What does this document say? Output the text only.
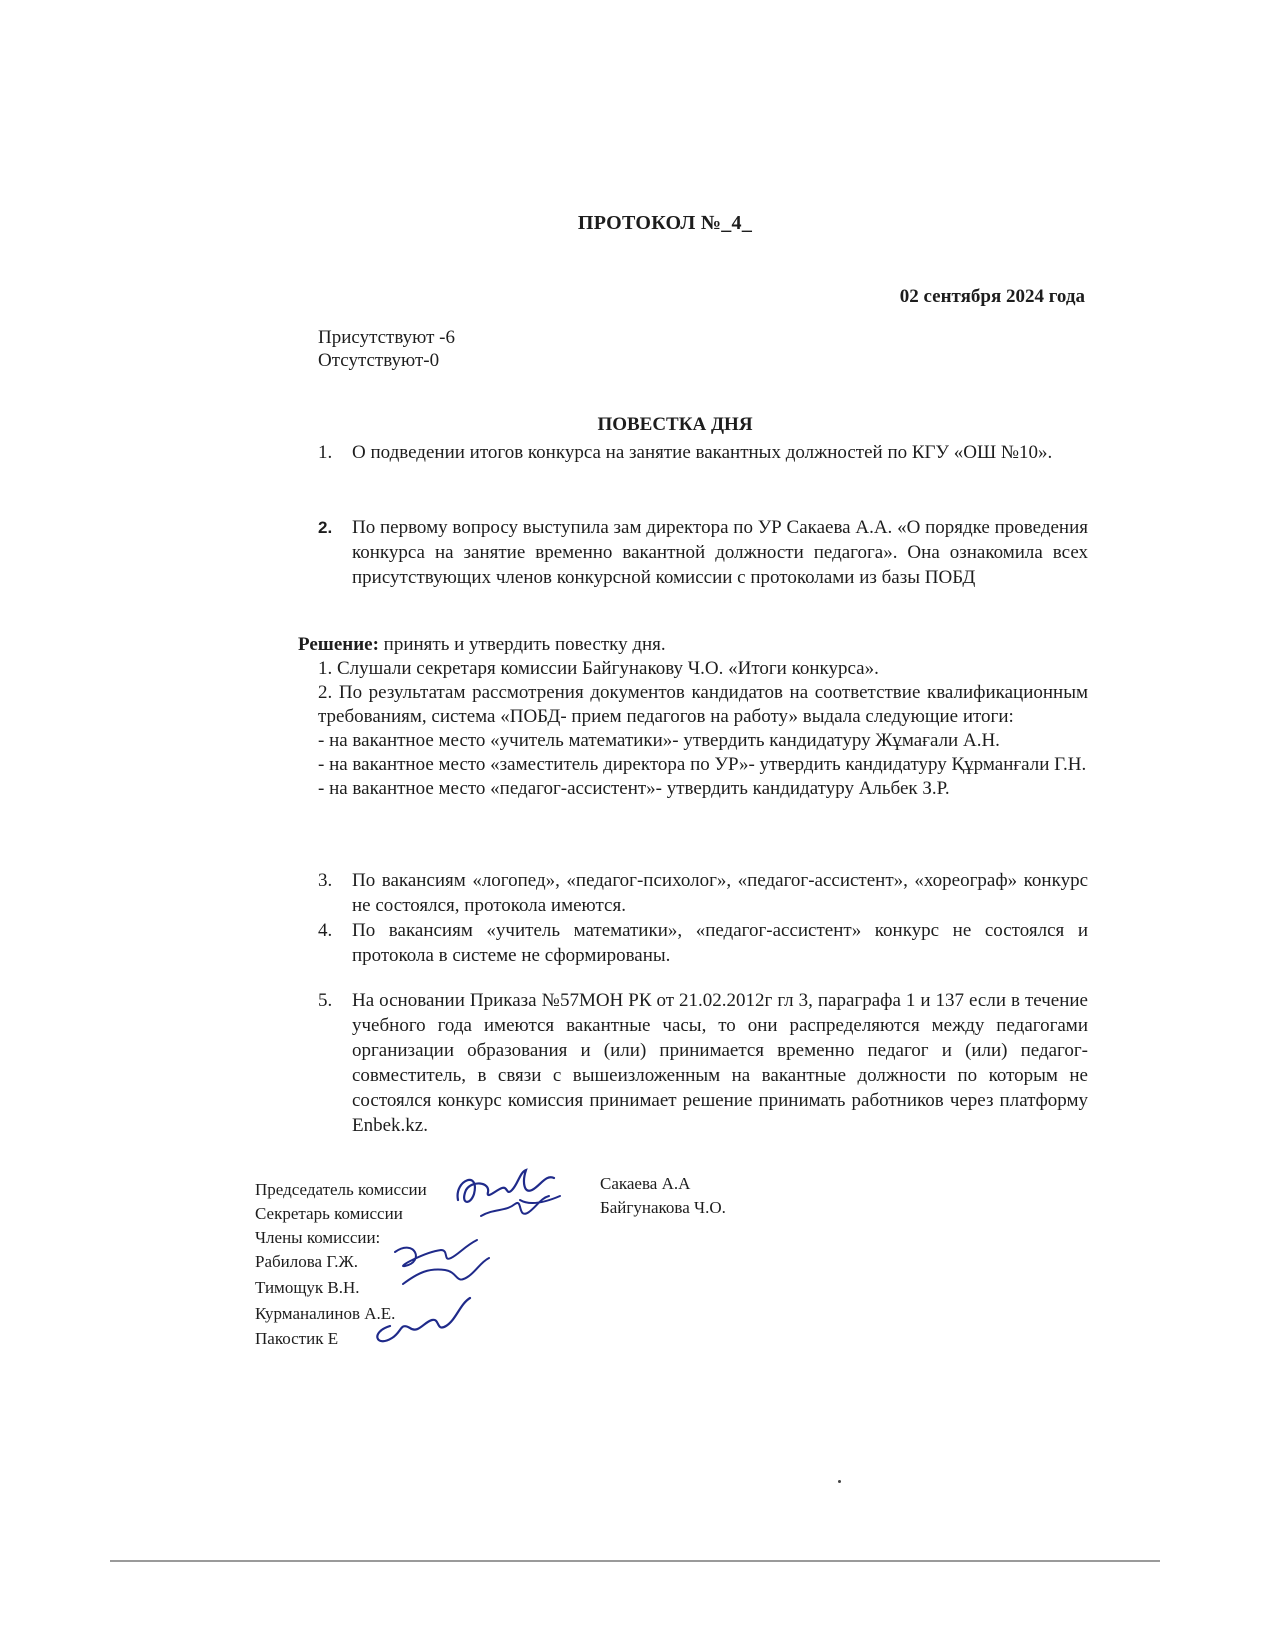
ПРОТОКОЛ №_4_
02 сентября 2024 года
Присутствуют -6
Отсутствуют-0
ПОВЕСТКА ДНЯ
1. О подведении итогов конкурса на занятие вакантных должностей по КГУ «ОШ №10».
2. По первому вопросу выступила зам директора по УР Сакаева А.А. «О порядке проведения конкурса на занятие временно вакантной должности педагога». Она ознакомила всех присутствующих членов конкурсной комиссии с протоколами из базы ПОБД

Решение: принять и утвердить повестку дня.

1. Слушали секретаря комиссии Байгунакову Ч.О. «Итоги конкурса».

2. По результатам рассмотрения документов кандидатов на соответствие квалификационным требованиям, система «ПОБД- прием педагогов на работу» выдала следующие итоги:

- на вакантное место «учитель математики»- утвердить кандидатуру Жұмағали А.Н.

- на вакантное место «заместитель директора по УР»- утвердить кандидатуру Құрманғали Г.Н.

- на вакантное место «педагог-ассистент»- утвердить кандидатуру Альбек З.Р.

3. По вакансиям «логопед», «педагог-психолог», «педагог-ассистент», «хореограф» конкурс не состоялся, протокола имеются.
4. По вакансиям «учитель математики», «педагог-ассистент» конкурс не состоялся и протокола в системе не сформированы.
5. На основании Приказа №57МОН РК от 21.02.2012г гл 3, параграфа 1 и 137 если в течение учебного года имеются вакантные часы, то они распределяются между педагогами организации образования и (или) принимается временно педагог и (или) педагог-совместитель, в связи с вышеизложенным на вакантные должности по которым не состоялся конкурс комиссия принимает решение принимать работников через платформу Enbek.kz.
Председатель комиссии
Секретарь комиссии
Члены комиссии:
Рабилова Г.Ж.
Тимощук В.Н.
Курманалинов А.Е.
Пакостик Е
Сакаева А.А
Байгунакова Ч.О.
